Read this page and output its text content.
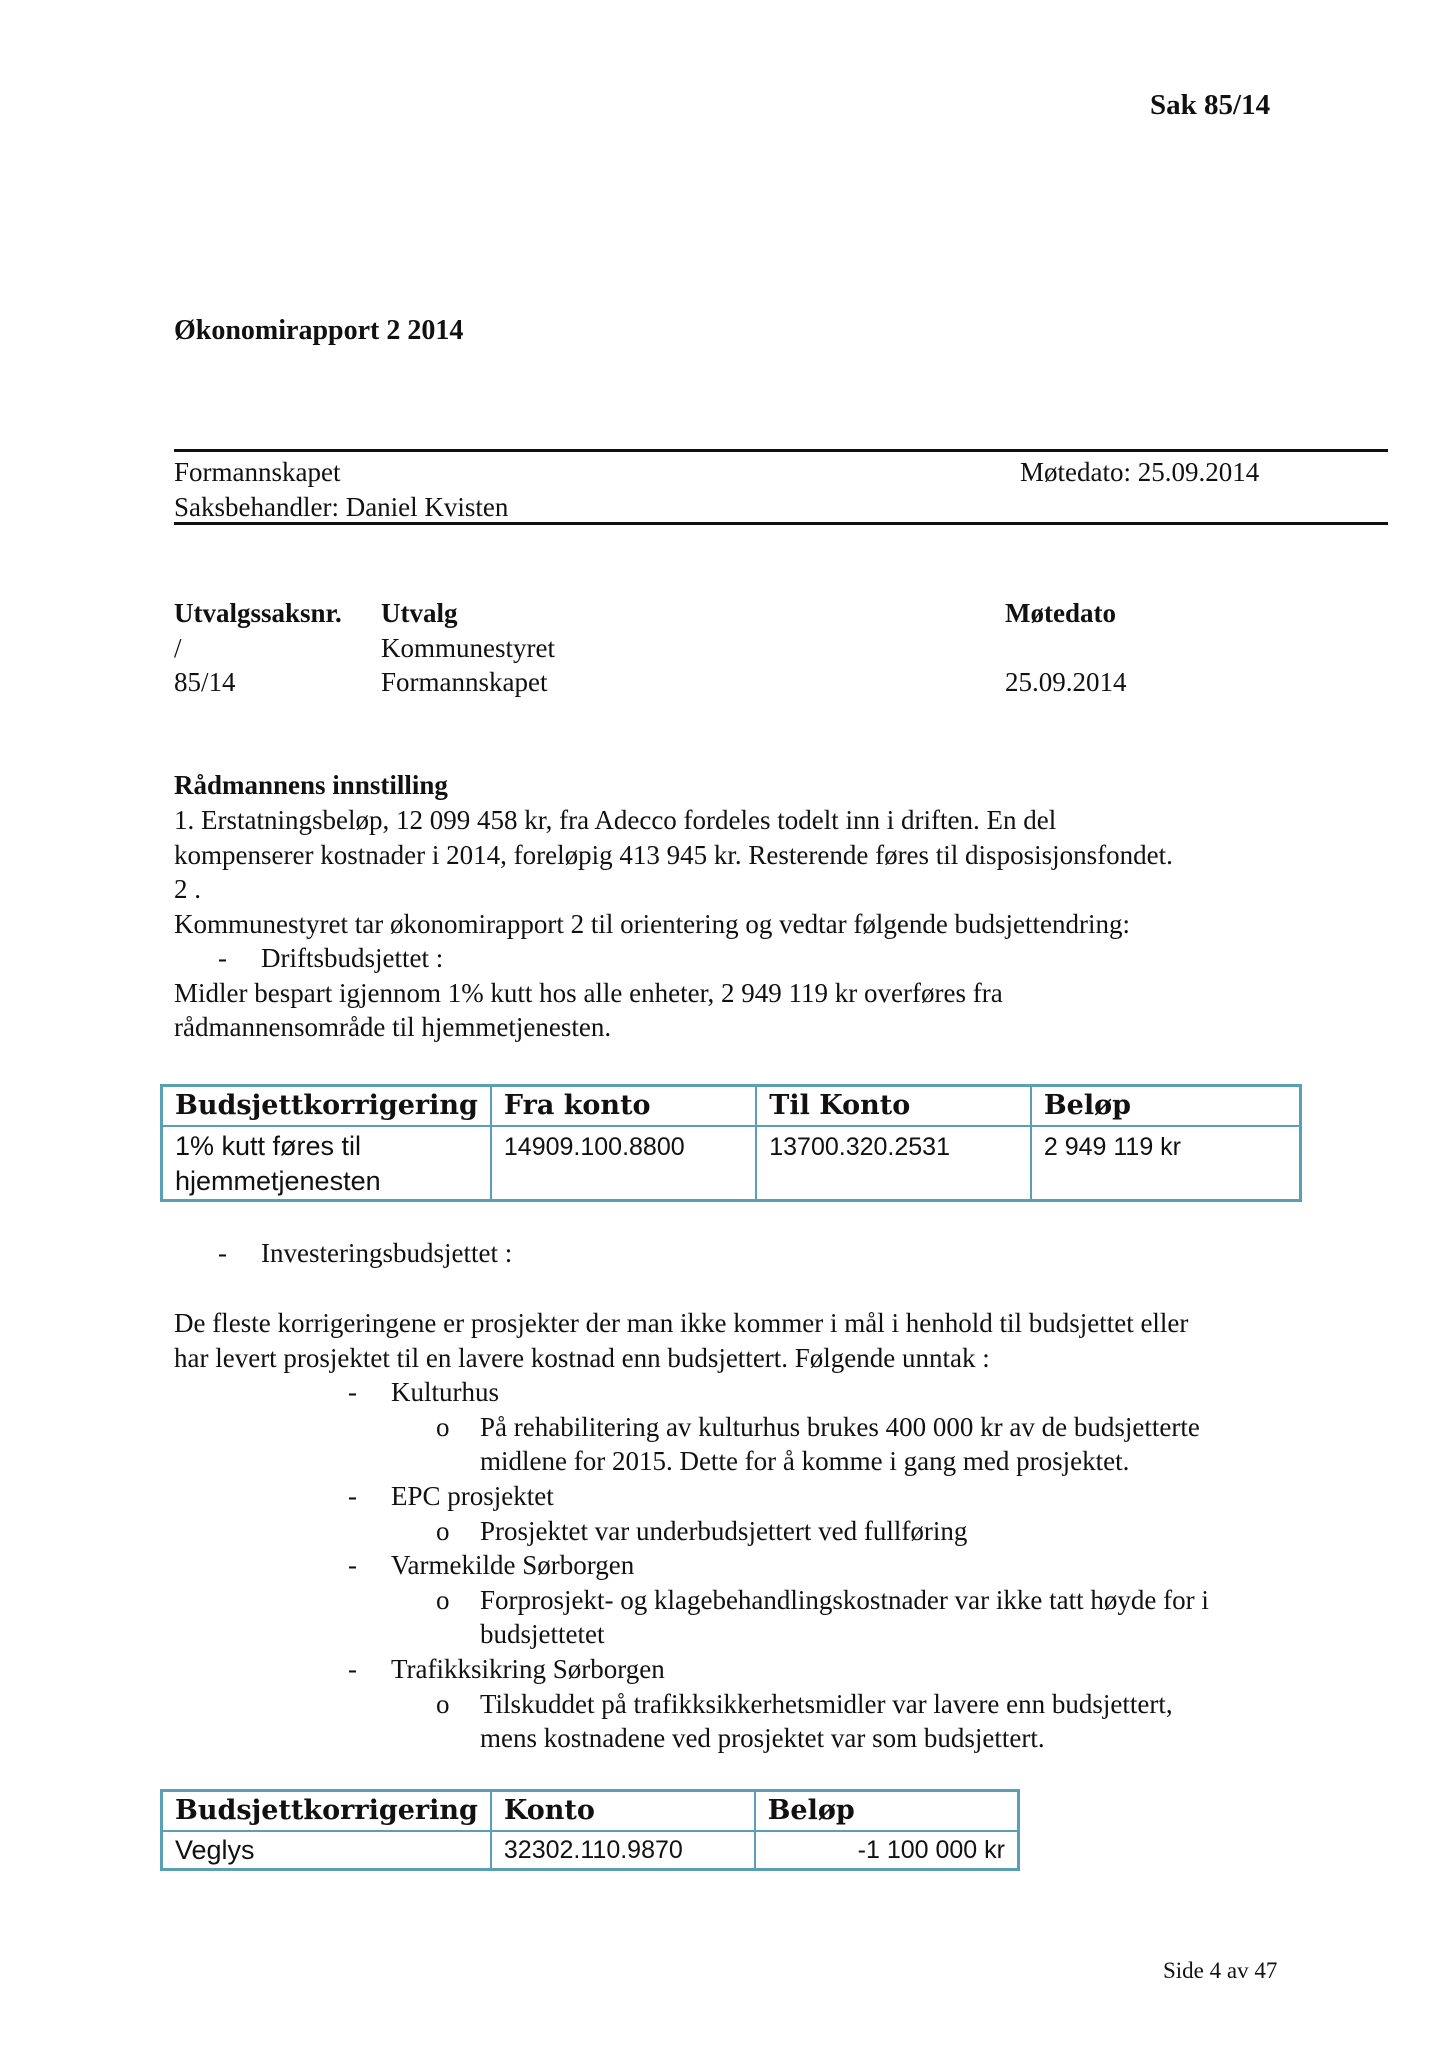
Sak 85/14
Økonomirapport 2 2014
Formannskapet	Møtedato: 25.09.2014
Saksbehandler: Daniel Kvisten
Utvalgssaksnr. Utvalg	Møtedato
/	Kommunestyret
85/14	Formannskapet	25.09.2014
Rådmannens innstilling
1. Erstatningsbeløp, 12 099 458 kr, fra Adecco fordeles todelt inn i driften. En del
kompenserer kostnader i 2014, foreløpig 413 945 kr. Resterende føres til disposisjonsfondet.
2 .
Kommunestyret tar økonomirapport 2 til orientering og vedtar følgende budsjettendring:
- Driftsbudsjettet :
Midler bespart igjennom 1% kutt hos alle enheter, 2 949 119 kr overføres fra
rådmannensområde til hjemmetjenesten.
Budsjettkorrigering	Fra konto	Til Konto	Beløp
1% kutt føres til hjemmetjenesten	14909.100.8800	13700.320.2531	2 949 119 kr
- Investeringsbudsjettet :
De fleste korrigeringene er prosjekter der man ikke kommer i mål i henhold til budsjettet eller
har levert prosjektet til en lavere kostnad enn budsjettert. Følgende unntak :
- Kulturhus
o På rehabilitering av kulturhus brukes 400 000 kr av de budsjetterte
midlene for 2015. Dette for å komme i gang med prosjektet.
- EPC prosjektet
o Prosjektet var underbudsjettert ved fullføring
- Varmekilde Sørborgen
o Forprosjekt- og klagebehandlingskostnader var ikke tatt høyde for i
budsjettetet
- Trafikksikring Sørborgen
o Tilskuddet på trafikksikkerhetsmidler var lavere enn budsjettert,
mens kostnadene ved prosjektet var som budsjettert.
Budsjettkorrigering	Konto	Beløp
Veglys	32302.110.9870	-1 100 000 kr
Side 4 av 47
